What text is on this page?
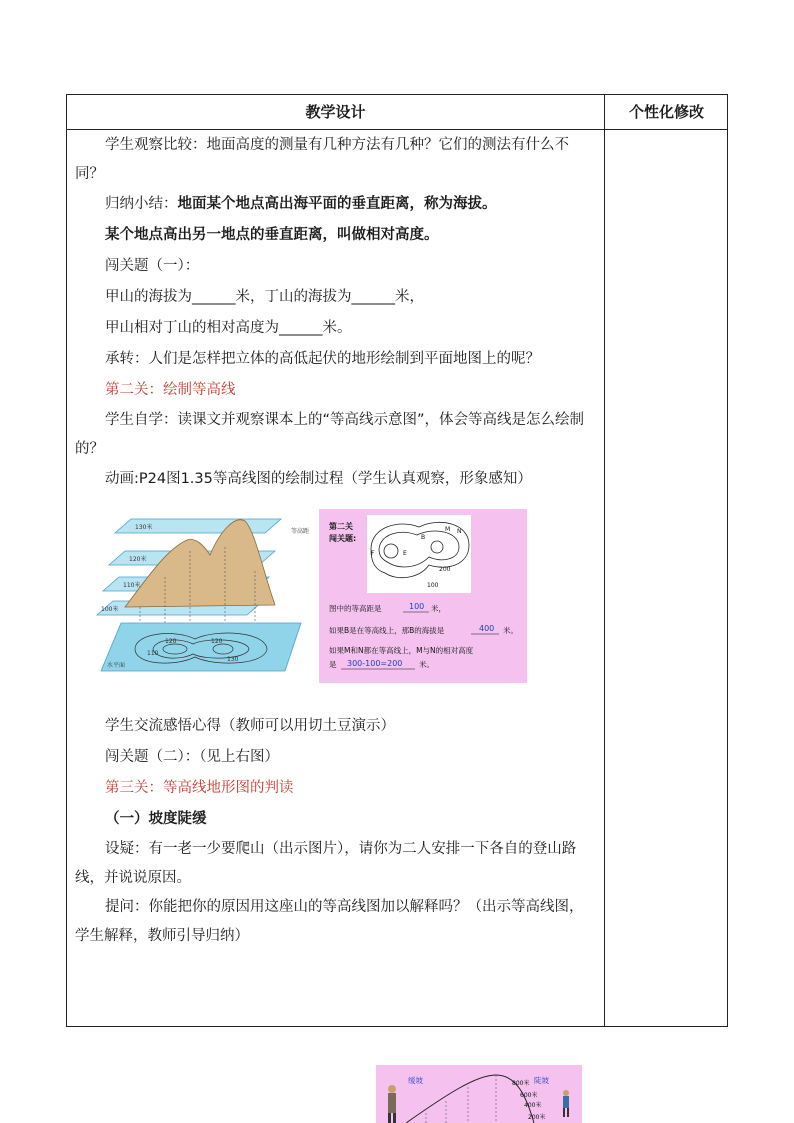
教学设计	个性化修改

学生观察比较：地面高度的测量有几种方法有几种？它们的测法有什么不同？

归纳小结：地面某个地点高出海平面的垂直距离，称为海拔。

某个地点高出另一地点的垂直距离，叫做相对高度。

闯关题（一）：

甲山的海拔为______米，丁山的海拔为______米，

甲山相对丁山的相对高度为______米。

承转：人们是怎样把立体的高低起伏的地形绘制到平面地图上的呢？

第二关：绘制等高线

学生自学：读课文并观察课本上的“等高线示意图”，体会等高线是怎么绘制的？

动画:P24图1.35等高线图的绘制过程（学生认真观察，形象感知）

130米
120米
110米
100米
等高距
水平面
110
120	120
130
第二关
闯关题:
F	E
B
M N
200
100
图中的等高距是	100 米，
如果B是在等高线上，那B的海拔是	400 米。
如果M和N都在等高线上，M与N的相对高度
是 300-100=200 米。

学生交流感悟心得（教师可以用切土豆演示）

闯关题（二）：（见上右图）

第三关：等高线地形图的判读

（一）坡度陡缓

设疑：有一老一少要爬山（出示图片），请你为二人安排一下各自的登山路线，并说说原因。

提问：你能把你的原因用这座山的等高线图加以解释吗？（出示等高线图，学生解释，教师引导归纳）

缓坡	陡坡
800米
600米
400米
200米
